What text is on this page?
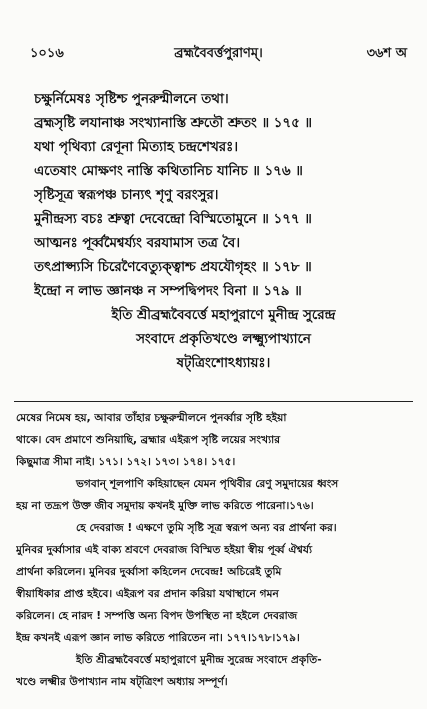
১০১৬	ব্রহ্মবৈবর্ত্তপুরাণম্।	৩৬শ অ
চক্ষুর্নিমেষঃ সৃষ্টিশ্চ পুনরুন্মীলনে তথা।
ব্রহ্মসৃষ্টি লযানাঞ্চ সংখ্যানাস্তি শ্রুতৌ শ্রুতং ॥ ১৭৫ ॥
যথা পৃথিব্যা রেণূনা মিত্যাহ চন্দ্রশেখরঃ।
এতেষাং মোক্ষণং নাস্তি কথিতানিচ যানিচ ॥ ১৭৬ ॥
সৃষ্টিসূত্র স্বরূপঞ্চ চান্যৎ শৃণু বরংসুর।
মুনীন্দ্রস্য বচঃ শ্রুত্বা দেবেন্দ্রো বিস্মিতোমুনে ॥ ১৭৭ ॥
আত্মনঃ পূর্ব্বমৈশ্বর্য্যং বরযামাস তত্র বৈ।
তৎপ্রাপ্স্যসি চিরেণৈবেত্যুক্ত্বাশ্চ প্রযযৌগৃহং ॥ ১৭৮ ॥
ইন্দ্রো ন লাভ জ্ঞানঞ্চ ন সম্পদ্বিপদং বিনা ॥ ১৭৯ ॥
ইতি শ্রীব্রহ্মবৈবর্ত্তে মহাপুরাণে মুনীন্দ্র সুরেন্দ্র
সংবাদে প্রকৃতিখণ্ডে লক্ষ্ম্যুপাখ্যানে
ষট্‌ত্রিংশোঽধ্যায়ঃ।
মেষের নিমেষ হয়, আবার তাঁহার চক্ষুরুন্মীলনে পুনর্ব্বার সৃষ্টি হইয়া
থাকে। বেদ প্রমাণে শুনিয়াছি, ব্রহ্মার এইরূপ সৃষ্টি লয়ের সংখ্যার
কিছুমাত্র সীমা নাই। ১৭১। ১৭২। ১৭৩। ১৭৪। ১৭৫।
ভগবান্ শূলপাণি কহিয়াছেন যেমন পৃথিবীর রেণু সমুদায়ের ধ্বংস
হয় না তদ্রূপ উক্ত জীব সমুদায় কখনই মুক্তি লাভ করিতে পারেনা।১৭৬।
হে দেবরাজ ! এক্ষণে তুমি সৃষ্টি সূত্র স্বরূপ অন্য বর প্রার্থনা কর।
মুনিবর দুর্ব্বাসার এই বাক্য শ্রবণে দেবরাজ বিস্মিত হইয়া স্বীয় পূর্ব্ব ঐশ্বর্য্য
প্রার্থনা করিলেন। মুনিবর দুর্ব্বাসা কহিলেন দেবেন্দ্র! অচিরেই তুমি
স্বীয়াধিকার প্রাপ্ত হইবে। এইরূপ বর প্রদান করিয়া যথাস্থানে গমন
করিলেন। হে নারদ ! সম্পত্তি অন্য বিপদ উপস্থিত না হইলে দেবরাজ
ইন্দ্র কখনই এরূপ জ্ঞান লাভ করিতে পারিতেন না। ১৭৭।১৭৮।১৭৯।
ইতি শ্রীব্রহ্মবৈবর্ত্তে মহাপুরাণে মুনীন্দ্র সুরেন্দ্র সংবাদে প্রকৃতি-
খণ্ডে লক্ষ্মীর উপাখ্যান নাম ষট্‌ত্রিংশ অধ্যায় সম্পূর্ণ।
